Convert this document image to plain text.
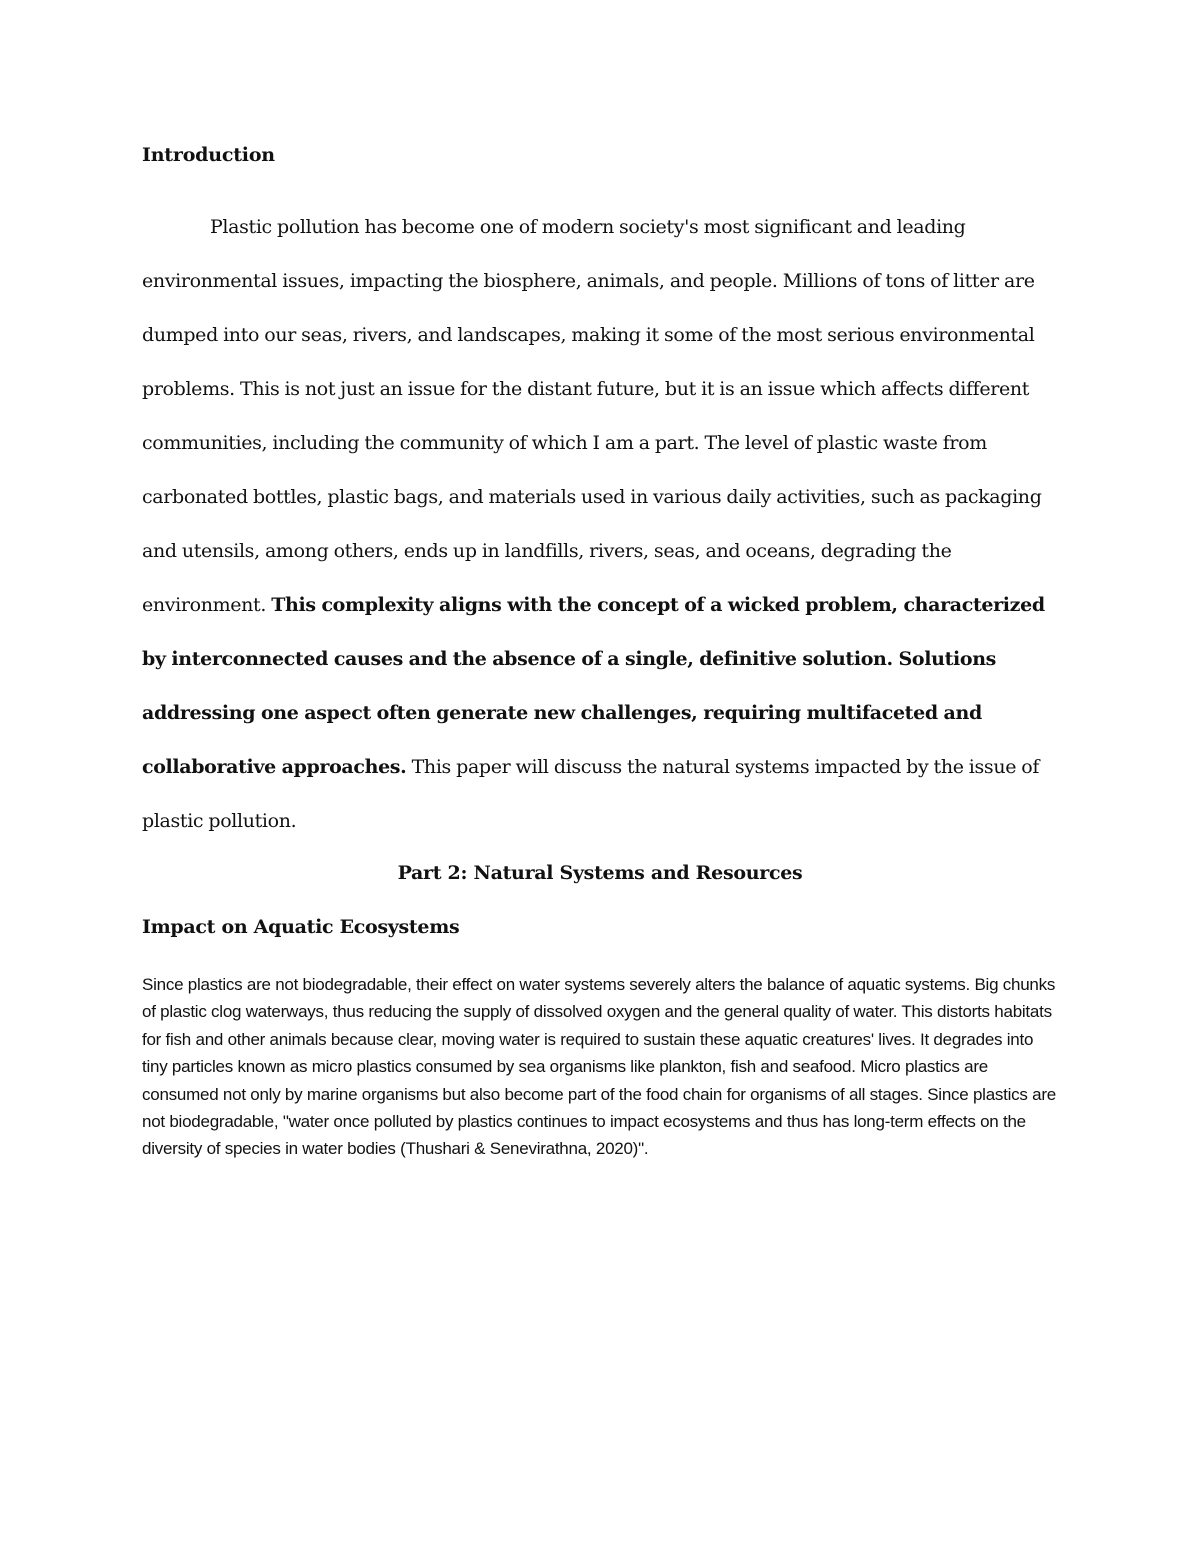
Introduction

Plastic pollution has become one of modern society's most significant and leading environmental issues, impacting the biosphere, animals, and people. Millions of tons of litter are dumped into our seas, rivers, and landscapes, making it some of the most serious environmental problems. This is not just an issue for the distant future, but it is an issue which affects different communities, including the community of which I am a part. The level of plastic waste from carbonated bottles, plastic bags, and materials used in various daily activities, such as packaging and utensils, among others, ends up in landfills, rivers, seas, and oceans, degrading the environment. This complexity aligns with the concept of a wicked problem, characterized by interconnected causes and the absence of a single, definitive solution. Solutions addressing one aspect often generate new challenges, requiring multifaceted and collaborative approaches. This paper will discuss the natural systems impacted by the issue of plastic pollution.

Part 2: Natural Systems and Resources
Impact on Aquatic Ecosystems

Since plastics are not biodegradable, their effect on water systems severely alters the balance of aquatic systems. Big chunks of plastic clog waterways, thus reducing the supply of dissolved oxygen and the general quality of water. This distorts habitats for fish and other animals because clear, moving water is required to sustain these aquatic creatures' lives. It degrades into tiny particles known as micro plastics consumed by sea organisms like plankton, fish and seafood. Micro plastics are consumed not only by marine organisms but also become part of the food chain for organisms of all stages. Since plastics are not biodegradable, "water once polluted by plastics continues to impact ecosystems and thus has long-term effects on the diversity of species in water bodies (Thushari & Senevirathna, 2020)".
